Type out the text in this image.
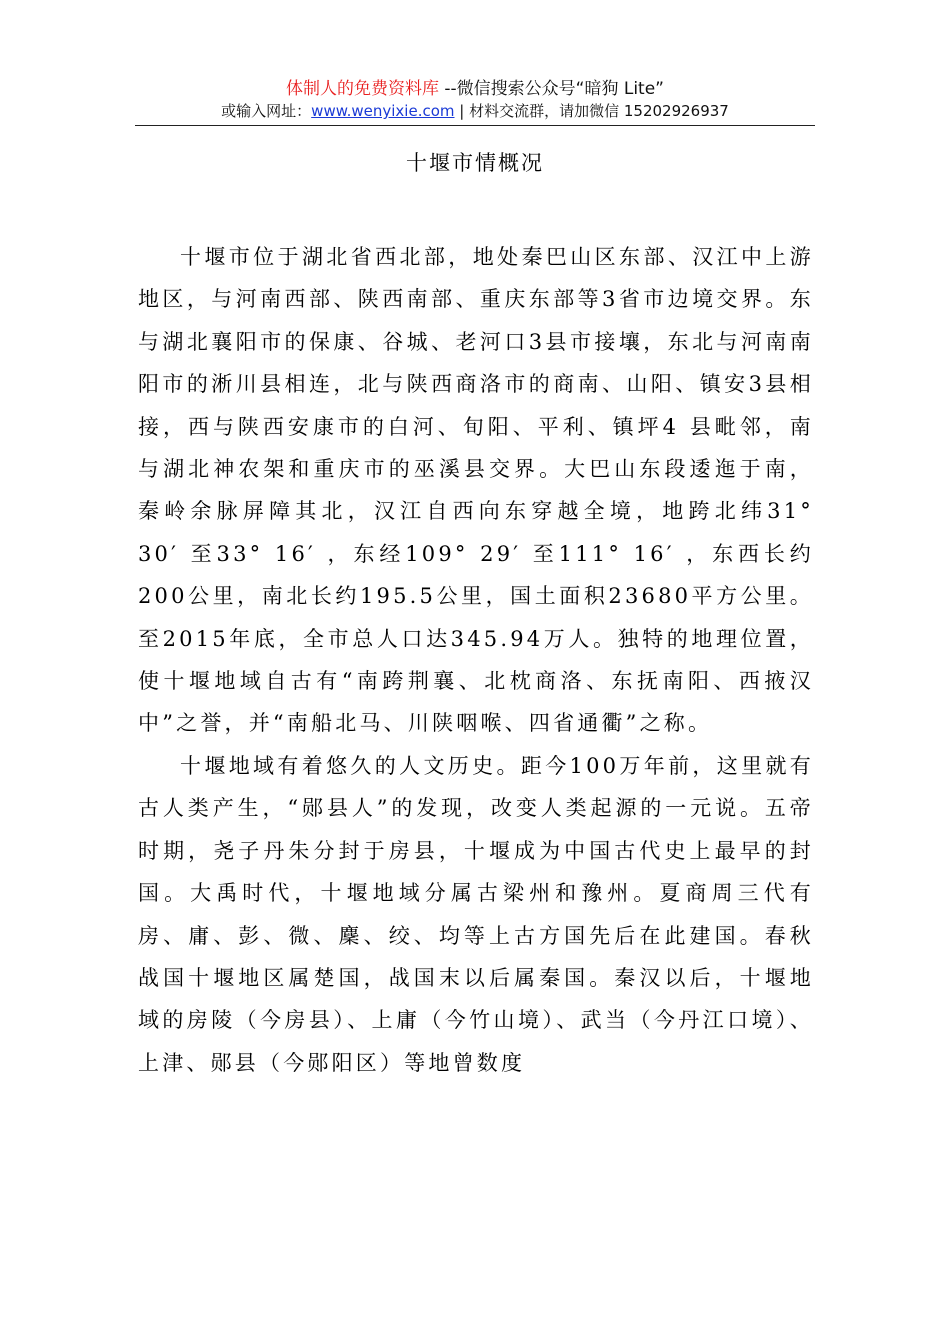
体制人的免费资料库 --微信搜索公众号“暗狗 Lite”
或输入网址：www.wenyixie.com | 材料交流群，请加微信 15202926937
十堰市情概况

十堰市位于湖北省西北部，地处秦巴山区东部、汉江中上游地区，与河南西部、陕西南部、重庆东部等3省市边境交界。东与湖北襄阳市的保康、谷城、老河口3县市接壤，东北与河南南阳市的淅川县相连，北与陕西商洛市的商南、山阳、镇安3县相接，西与陕西安康市的白河、旬阳、平利、镇坪4 县毗邻，南与湖北神农架和重庆市的巫溪县交界。大巴山东段逶迤于南，秦岭余脉屏障其北，汉江自西向东穿越全境，地跨北纬31° 30′ 至33° 16′ ，东经109° 29′ 至111° 16′ ，东西长约200公里，南北长约195.5公里，国土面积23680平方公里。至2015年底，全市总人口达345.94万人。独特的地理位置，使十堰地域自古有“南跨荆襄、北枕商洛、东抚南阳、西掖汉中”之誉，并“南船北马、川陕咽喉、四省通衢”之称。

十堰地域有着悠久的人文历史。距今100万年前，这里就有古人类产生，“郧县人”的发现，改变人类起源的一元说。五帝时期，尧子丹朱分封于房县，十堰成为中国古代史上最早的封国。大禹时代，十堰地域分属古梁州和豫州。夏商周三代有房、庸、彭、微、麇、绞、均等上古方国先后在此建国。春秋战国十堰地区属楚国，战国末以后属秦国。秦汉以后，十堰地域的房陵（今房县）、上庸（今竹山境）、武当（今丹江口境）、上津、郧县（今郧阳区）等地曾数度
